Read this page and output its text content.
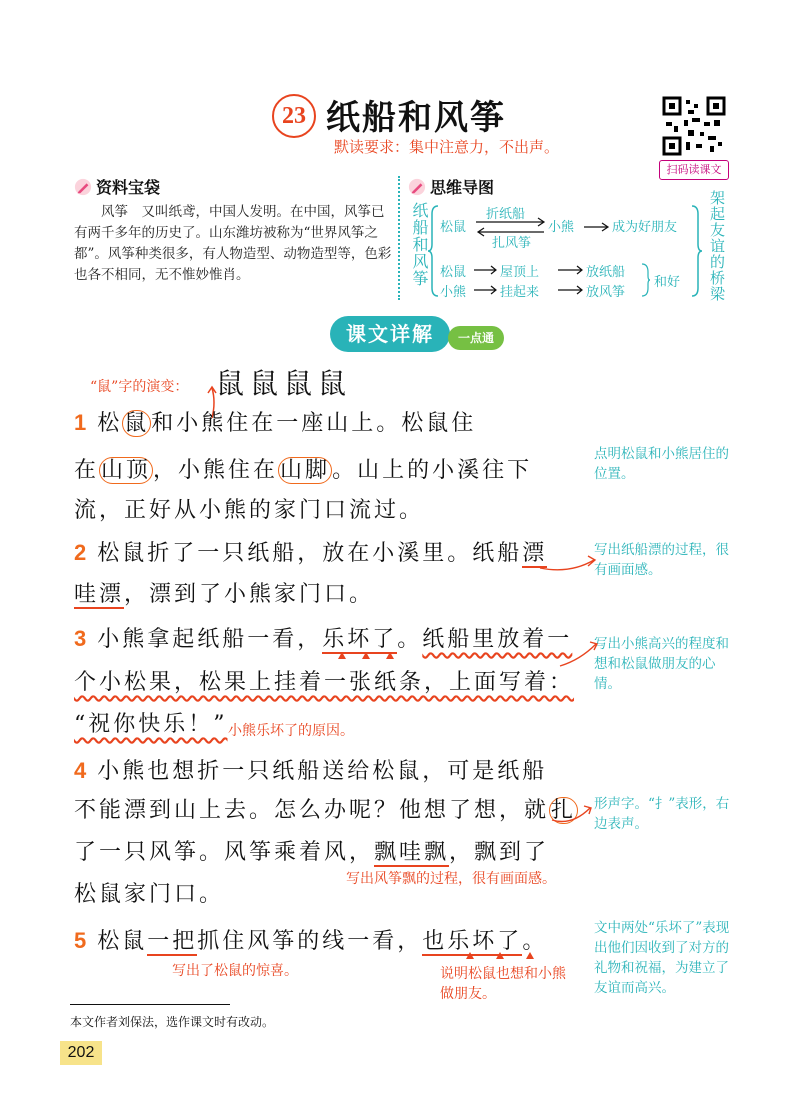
23 纸船和风筝
默读要求：集中注意力，不出声。
扫码读课文
资料宝袋
风筝　又叫纸鸢，中国人发明。在中国，风筝已有两千多年的历史了。山东潍坊被称为“世界风筝之都”。风筝种类很多，有人物造型、动物造型等，色彩也各不相同，无不惟妙惟肖。
思维导图
纸船和风筝 松鼠
折纸船
扎风筝
小熊	成为好朋友
松鼠	屋顶上	放纸船
小熊	挂起来	放风筝
和好 架起友谊的桥梁
课文详解	一点通
“鼠”字的演变： 鼠鼠鼠鼠
1 松鼠和小熊住在一座山上。松鼠住
在山顶，小熊住在山脚。山上的小溪往下
流，正好从小熊的家门口流过。
点明松鼠和小熊居住的位置。
2 松鼠折了一只纸船，放在小溪里。纸船漂
哇漂，漂到了小熊家门口。
写出纸船漂的过程，很有画面感。
3 小熊拿起纸船一看，乐坏了。纸船里放着一
个小松果，松果上挂着一张纸条，上面写着：
“祝你快乐！” 小熊乐坏了的原因。
写出小熊高兴的程度和想和松鼠做朋友的心情。
4 小熊也想折一只纸船送给松鼠，可是纸船
不能漂到山上去。怎么办呢？他想了想，就扎
了一只风筝。风筝乘着风，飘哇飘，飘到了
写出风筝飘的过程，很有画面感。
松鼠家门口。
形声字。“扌”表形，右边表声。
5 松鼠一把抓住风筝的线一看，也乐坏了。
写出了松鼠的惊喜。	说明松鼠也想和小熊做朋友。
文中两处“乐坏了”表现出他们因收到了对方的礼物和祝福，为建立了友谊而高兴。
本文作者刘保法，选作课文时有改动。
202
